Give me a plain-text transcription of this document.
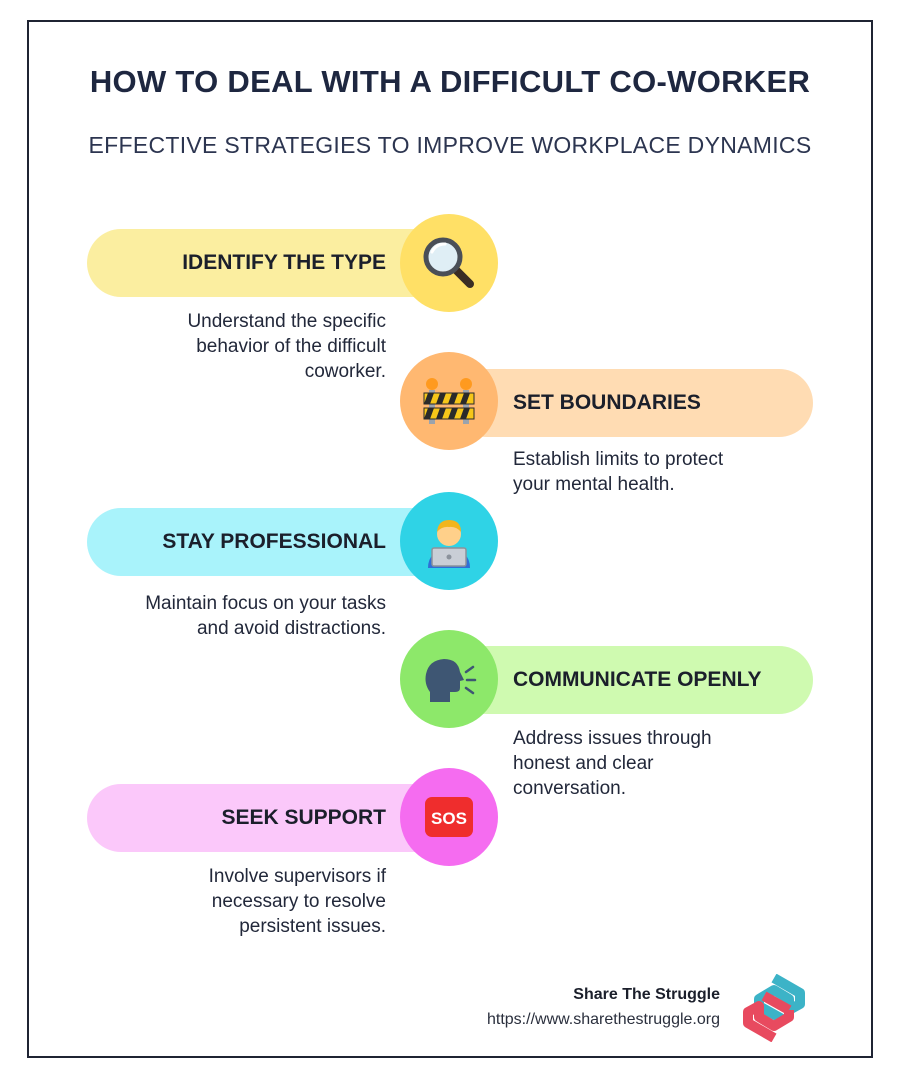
HOW TO DEAL WITH A DIFFICULT CO-WORKER
EFFECTIVE STRATEGIES TO IMPROVE WORKPLACE DYNAMICS
IDENTIFY THE TYPE
Understand the specific
behavior of the difficult
coworker.
SET BOUNDARIES
Establish limits to protect
your mental health.
STAY PROFESSIONAL
Maintain focus on your tasks
and avoid distractions.
COMMUNICATE OPENLY
Address issues through
honest and clear
conversation.
SEEK SUPPORT	SOS
Involve supervisors if
necessary to resolve
persistent issues.
Share The Struggle
https://www.sharethestruggle.org
